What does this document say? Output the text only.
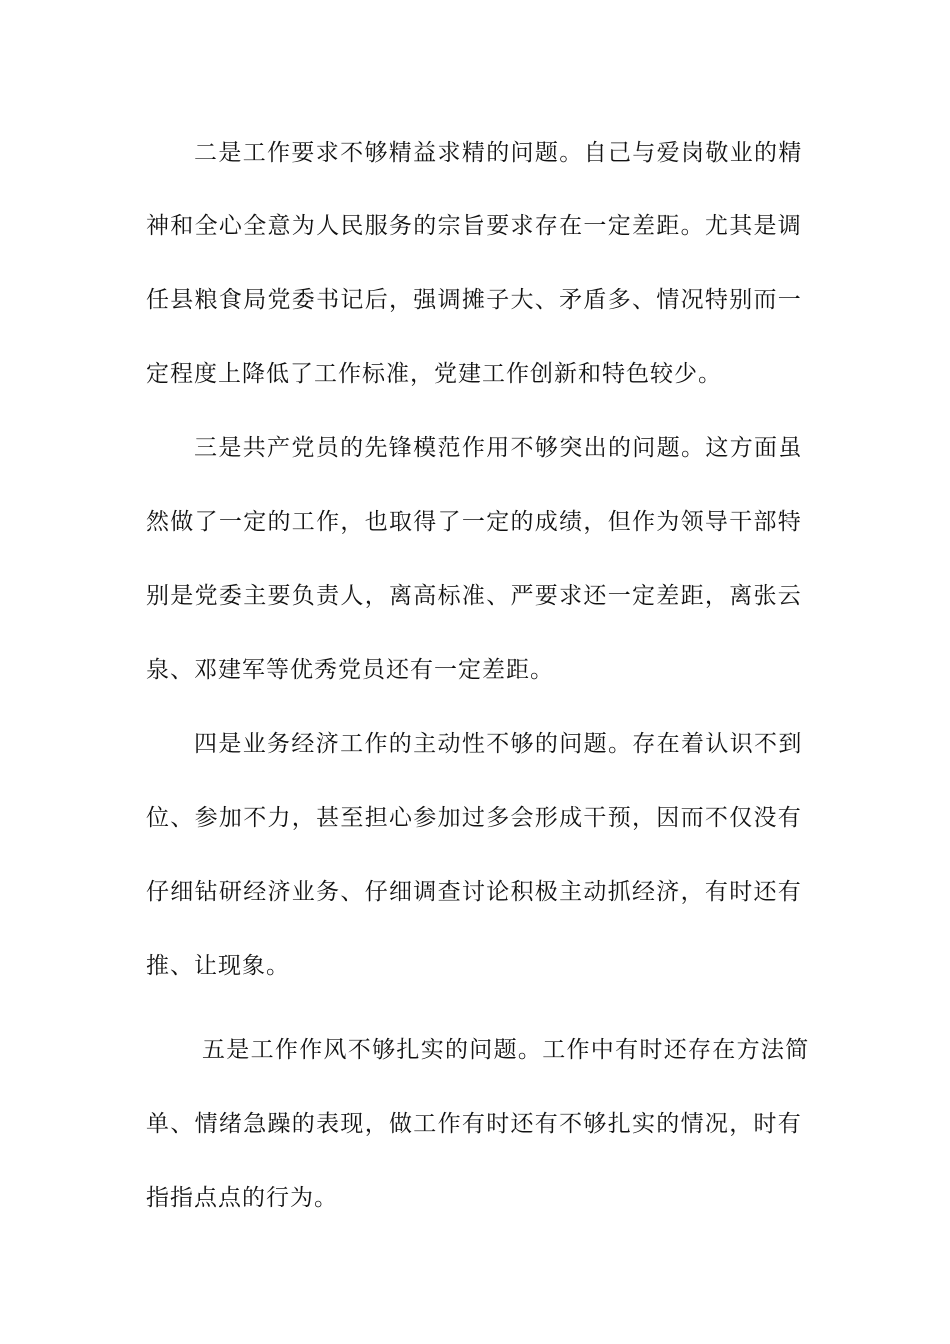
二是工作要求不够精益求精的问题。自己与爱岗敬业的精
神和全心全意为人民服务的宗旨要求存在一定差距。尤其是调
任县粮食局党委书记后，强调摊子大、矛盾多、情况特别而一
定程度上降低了工作标准，党建工作创新和特色较少。
三是共产党员的先锋模范作用不够突出的问题。这方面虽
然做了一定的工作，也取得了一定的成绩，但作为领导干部特
别是党委主要负责人，离高标准、严要求还一定差距，离张云
泉、邓建军等优秀党员还有一定差距。
四是业务经济工作的主动性不够的问题。存在着认识不到
位、参加不力，甚至担心参加过多会形成干预，因而不仅没有
仔细钻研经济业务、仔细调查讨论积极主动抓经济，有时还有
推、让现象。
五是工作作风不够扎实的问题。工作中有时还存在方法简
单、情绪急躁的表现，做工作有时还有不够扎实的情况，时有
指指点点的行为。
